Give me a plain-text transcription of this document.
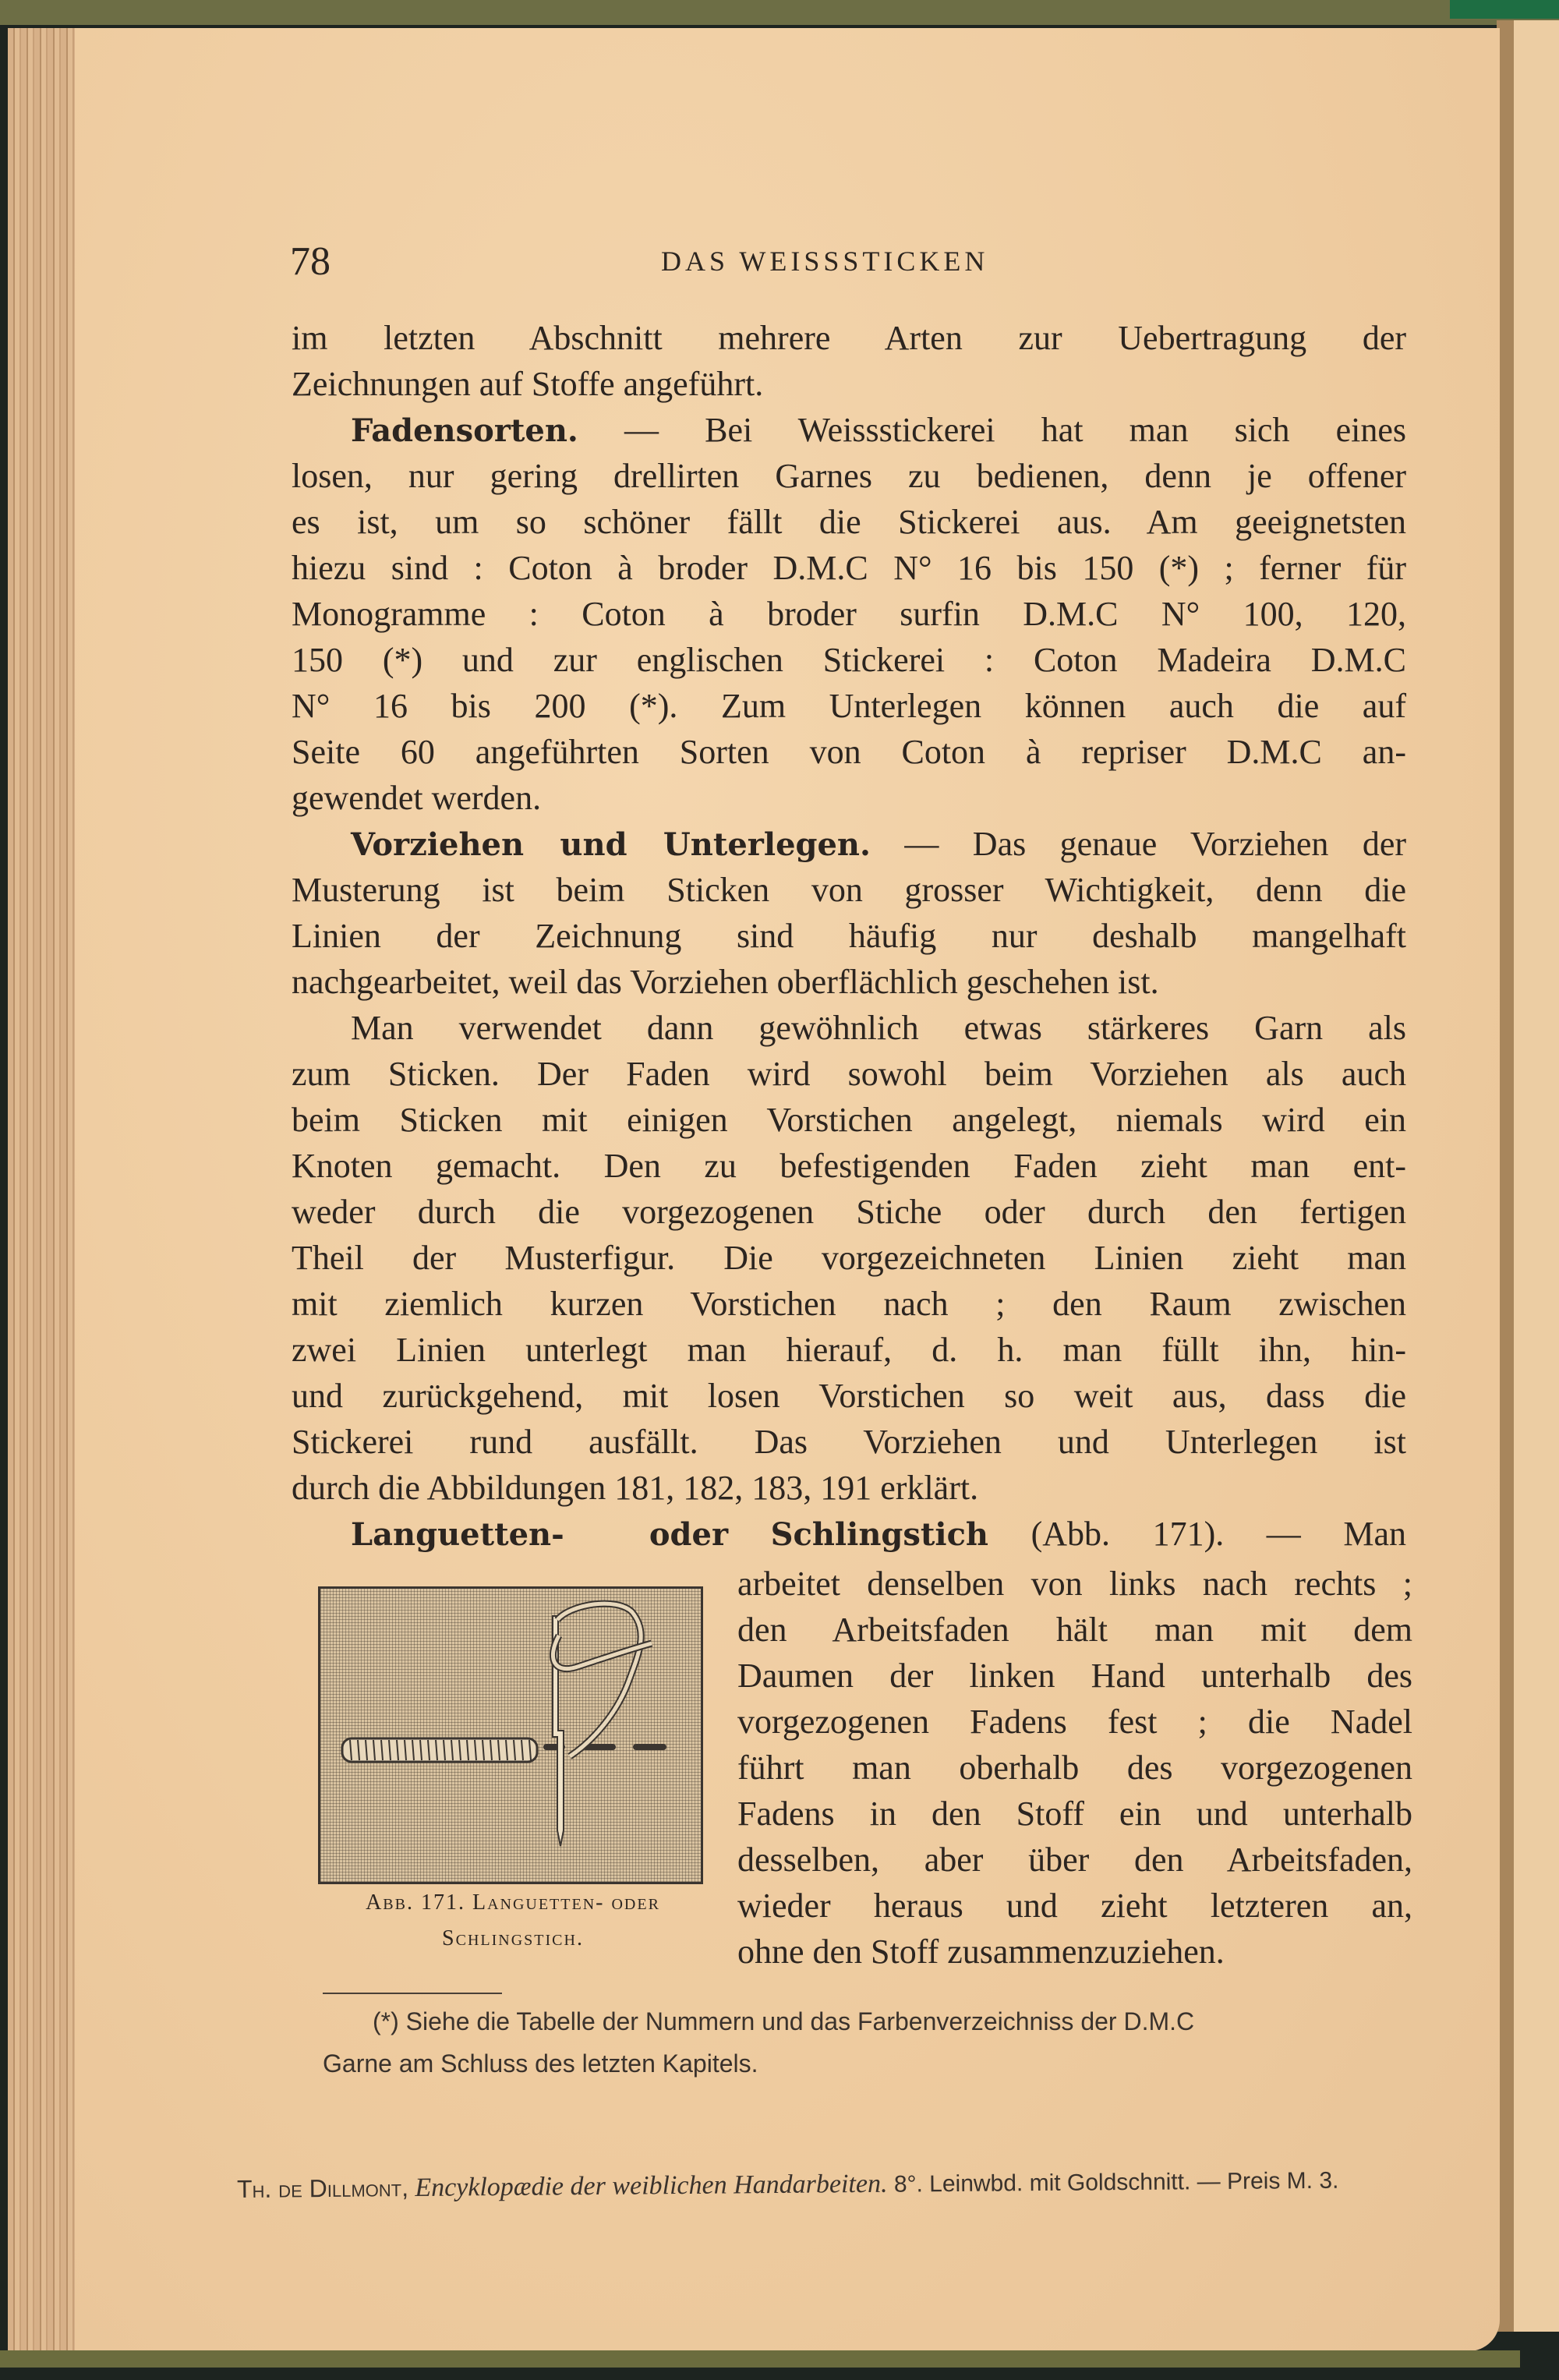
78	DAS WEISSSTICKEN
im letzten Abschnitt mehrere Arten zur Uebertragung der
Zeichnungen auf Stoffe angeführt.
Fadensorten. — Bei Weissstickerei hat man sich eines
losen, nur gering drellirten Garnes zu bedienen, denn je offener
es ist, um so schöner fällt die Stickerei aus. Am geeignetsten
hiezu sind : Coton à broder D.M.C N° 16 bis 150 (*) ; ferner für
Monogramme : Coton à broder surfin D.M.C N° 100, 120,
150 (*) und zur englischen Stickerei : Coton Madeira D.M.C
N° 16 bis 200 (*). Zum Unterlegen können auch die auf
Seite 60 angeführten Sorten von Coton à repriser D.M.C an-
gewendet werden.
Vorziehen und Unterlegen. — Das genaue Vorziehen der
Musterung ist beim Sticken von grosser Wichtigkeit, denn die
Linien der Zeichnung sind häufig nur deshalb mangelhaft
nachgearbeitet, weil das Vorziehen oberflächlich geschehen ist.
Man verwendet dann gewöhnlich etwas stärkeres Garn als
zum Sticken. Der Faden wird sowohl beim Vorziehen als auch
beim Sticken mit einigen Vorstichen angelegt, niemals wird ein
Knoten gemacht. Den zu befestigenden Faden zieht man ent-
weder durch die vorgezogenen Stiche oder durch den fertigen
Theil der Musterfigur. Die vorgezeichneten Linien zieht man
mit ziemlich kurzen Vorstichen nach ; den Raum zwischen
zwei Linien unterlegt man hierauf, d. h. man füllt ihn, hin-
und zurückgehend, mit losen Vorstichen so weit aus, dass die
Stickerei rund ausfällt. Das Vorziehen und Unterlegen ist
durch die Abbildungen 181, 182, 183, 191 erklärt.
Languetten-	oder Schlingstich (Abb. 171). — Man
arbeitet denselben von links nach rechts ;
den Arbeitsfaden hält man mit dem
Daumen der linken Hand unterhalb des
vorgezogenen Fadens fest ; die Nadel
führt man oberhalb des vorgezogenen
Fadens in den Stoff ein und unterhalb
desselben, aber über den Arbeitsfaden,
wieder heraus und zieht letzteren an,
ohne den Stoff zusammenzuziehen.
Abb. 171. Languetten- oder
Schlingstich.
(*) Siehe die Tabelle der Nummern und das Farbenverzeichniss der D.M.C
Garne am Schluss des letzten Kapitels.
Th. de Dillmont, Encyklopædie der weiblichen Handarbeiten. 8°. Leinwbd. mit Goldschnitt. — Preis M. 3.
